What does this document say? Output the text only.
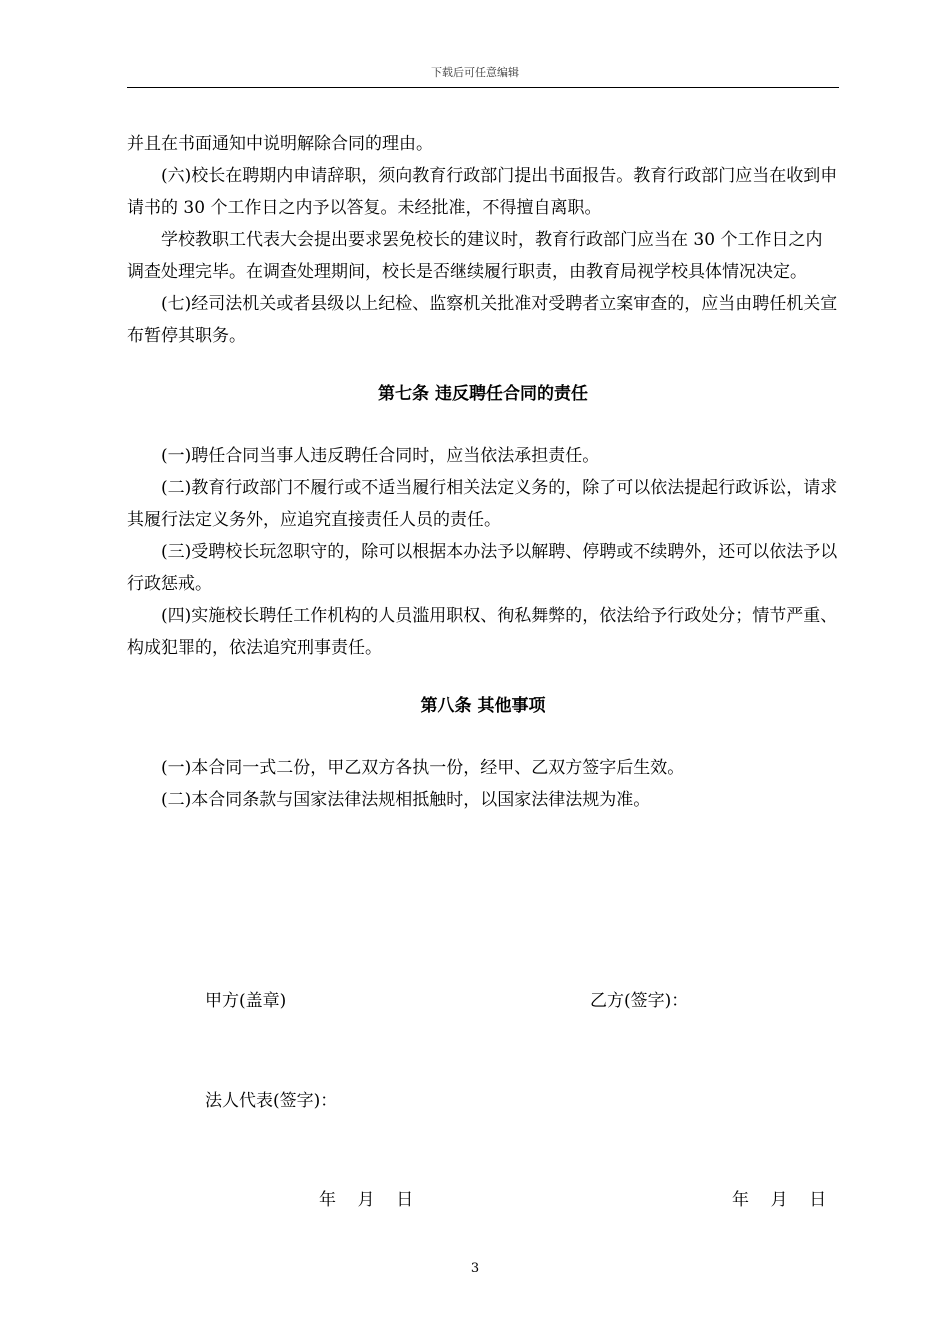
下载后可任意编辑

并且在书面通知中说明解除合同的理由。

(六)校长在聘期内申请辞职，须向教育行政部门提出书面报告。教育行政部门应当在收到申请书的 30 个工作日之内予以答复。未经批准，不得擅自离职。

学校教职工代表大会提出要求罢免校长的建议时，教育行政部门应当在 30 个工作日之内调查处理完毕。在调查处理期间，校长是否继续履行职责，由教育局视学校具体情况决定。

(七)经司法机关或者县级以上纪检、监察机关批准对受聘者立案审查的，应当由聘任机关宣布暂停其职务。

第七条 违反聘任合同的责任

(一)聘任合同当事人违反聘任合同时，应当依法承担责任。

(二)教育行政部门不履行或不适当履行相关法定义务的，除了可以依法提起行政诉讼，请求其履行法定义务外，应追究直接责任人员的责任。

(三)受聘校长玩忽职守的，除可以根据本办法予以解聘、停聘或不续聘外，还可以依法予以行政惩戒。

(四)实施校长聘任工作机构的人员滥用职权、徇私舞弊的，依法给予行政处分；情节严重、构成犯罪的，依法追究刑事责任。

第八条 其他事项

(一)本合同一式二份，甲乙双方各执一份，经甲、乙双方签字后生效。

(二)本合同条款与国家法律法规相抵触时，以国家法律法规为准。

甲方(盖章)	乙方(签字)：
法人代表(签字)：
年    月    日	年    月    日
3
